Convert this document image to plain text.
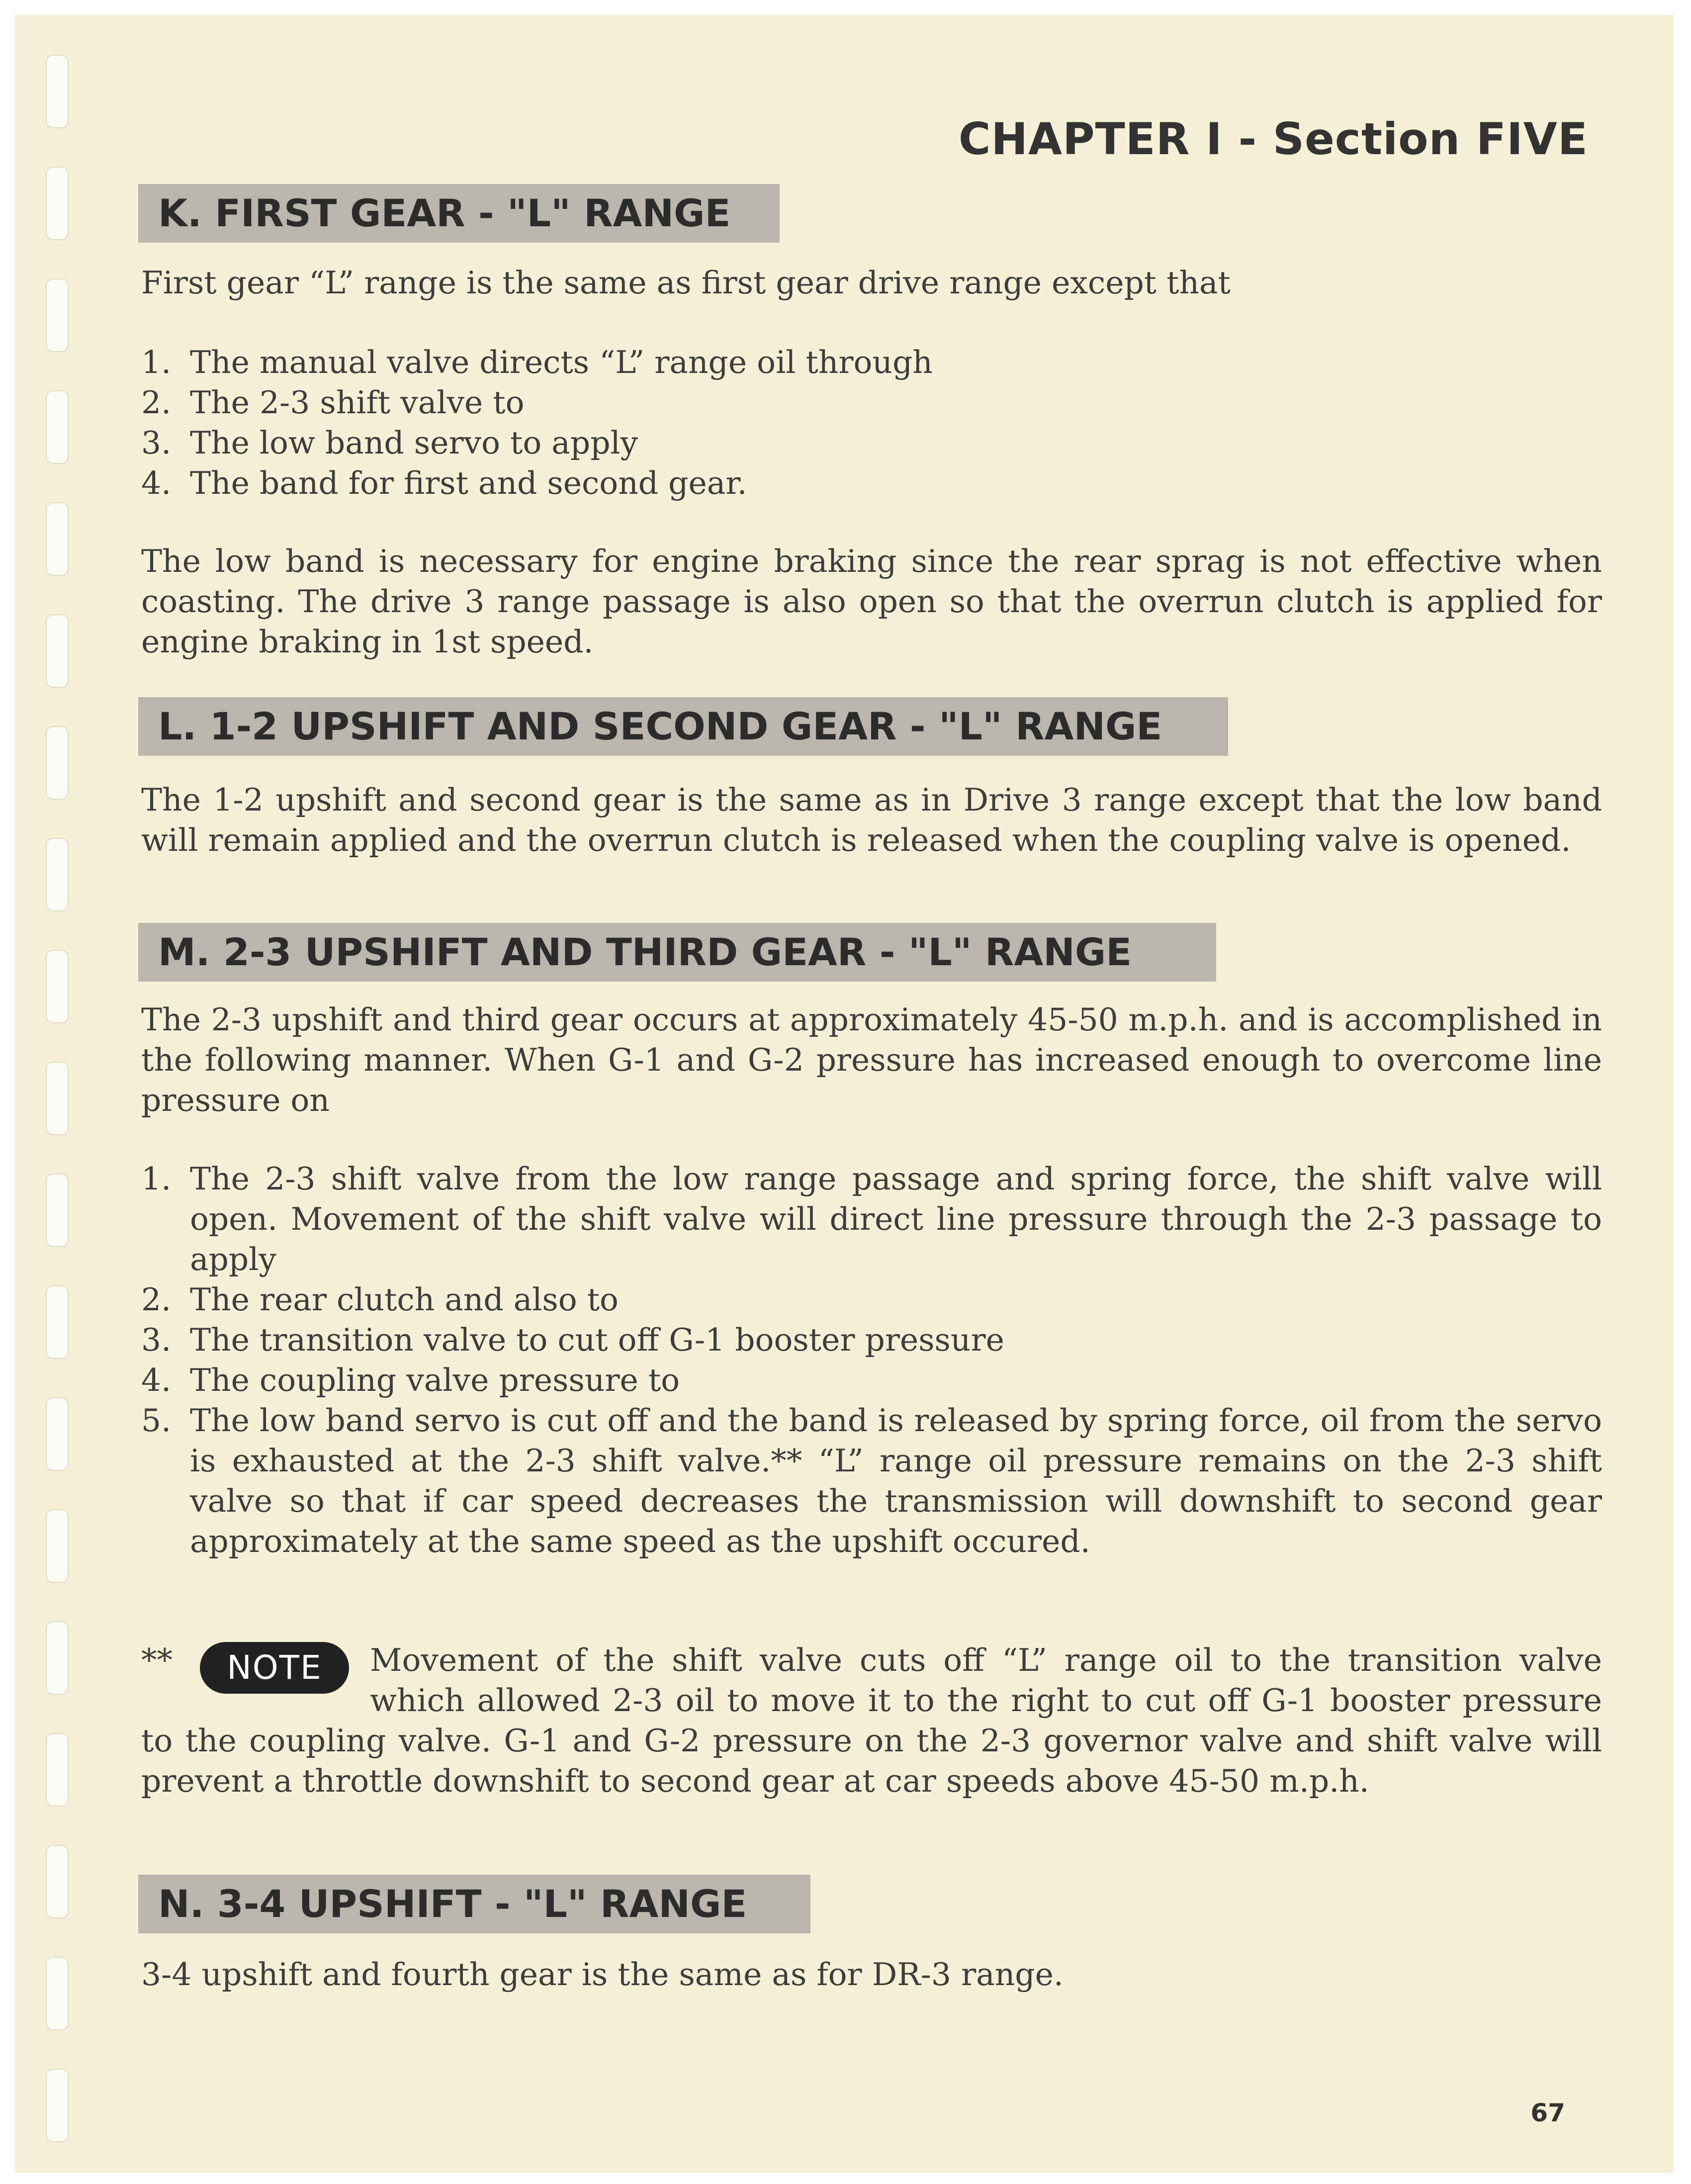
CHAPTER I - Section FIVE
K. FIRST GEAR - "L" RANGE
First gear “L” range is the same as first gear drive range except that
1. The manual valve directs “L” range oil through
2. The 2-3 shift valve to
3. The low band servo to apply
4. The band for first and second gear.
The low band is necessary for engine braking since the rear sprag is not effective when coasting. The drive 3 range passage is also open so that the overrun clutch is applied for engine braking in 1st speed.
L. 1-2 UPSHIFT AND SECOND GEAR - "L" RANGE
The 1-2 upshift and second gear is the same as in Drive 3 range except that the low band will remain applied and the overrun clutch is released when the coupling valve is opened.
M. 2-3 UPSHIFT AND THIRD GEAR - "L" RANGE
The 2-3 upshift and third gear occurs at approximately 45-50 m.p.h. and is accomplished in the following manner. When G-1 and G-2 pressure has increased enough to overcome line pressure on
1. The 2-3 shift valve from the low range passage and spring force, the shift valve will open. Movement of the shift valve will direct line pressure through the 2-3 passage to apply
2. The rear clutch and also to
3. The transition valve to cut off G-1 booster pressure
4. The coupling valve pressure to
5. The low band servo is cut off and the band is released by spring force, oil from the servo is exhausted at the 2-3 shift valve.** “L” range oil pressure remains on the 2-3 shift valve so that if car speed decreases the transmission will downshift to second gear approximately at the same speed as the upshift occured.
**	NOTE	Movement of the shift valve cuts off “L” range oil to the transition valve which allowed 2-3 oil to move it to the right to cut off G-1 booster pressure to the coupling valve. G-1 and G-2 pressure on the 2-3 governor valve and shift valve will prevent a throttle downshift to second gear at car speeds above 45-50 m.p.h.
N. 3-4 UPSHIFT - "L" RANGE
3-4 upshift and fourth gear is the same as for DR-3 range.
67
